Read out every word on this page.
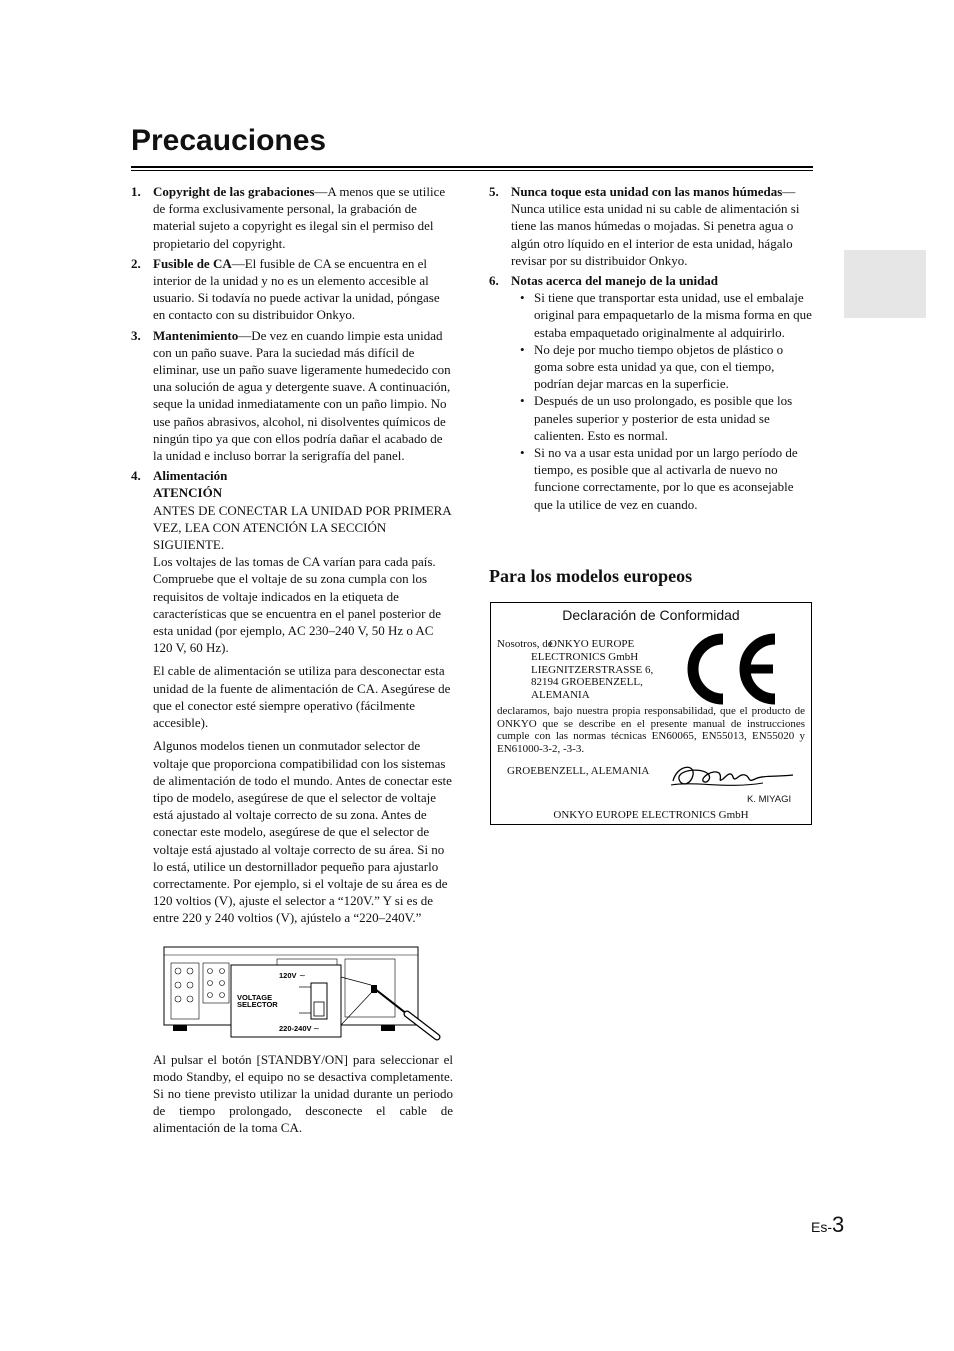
Precauciones
1. Copyright de las grabaciones—A menos que se utilice de forma exclusivamente personal, la grabación de material sujeto a copyright es ilegal sin el permiso del propietario del copyright.
2. Fusible de CA—El fusible de CA se encuentra en el interior de la unidad y no es un elemento accesible al usuario. Si todavía no puede activar la unidad, póngase en contacto con su distribuidor Onkyo.
3. Mantenimiento—De vez en cuando limpie esta unidad con un paño suave. Para la suciedad más difícil de eliminar, use un paño suave ligeramente humedecido con una solución de agua y detergente suave. A continuación, seque la unidad inmediatamente con un paño limpio. No use paños abrasivos, alcohol, ni disolventes químicos de ningún tipo ya que con ellos podría dañar el acabado de la unidad e incluso borrar la serigrafía del panel.
4. Alimentación
ATENCIÓN
ANTES DE CONECTAR LA UNIDAD POR PRIMERA VEZ, LEA CON ATENCIÓN LA SECCIÓN SIGUIENTE.
Los voltajes de las tomas de CA varían para cada país. Compruebe que el voltaje de su zona cumpla con los requisitos de voltaje indicados en la etiqueta de características que se encuentra en el panel posterior de esta unidad (por ejemplo, AC 230–240 V, 50 Hz o AC 120 V, 60 Hz).
El cable de alimentación se utiliza para desconectar esta unidad de la fuente de alimentación de CA. Asegúrese de que el conector esté siempre operativo (fácilmente accesible).
Algunos modelos tienen un conmutador selector de voltaje que proporciona compatibilidad con los sistemas de alimentación de todo el mundo. Antes de conectar este tipo de modelo, asegúrese de que el selector de voltaje está ajustado al voltaje correcto de su zona. Antes de conectar este modelo, asegúrese de que el selector de voltaje está ajustado al voltaje correcto de su área. Si no lo está, utilice un destornillador pequeño para ajustarlo correctamente. Por ejemplo, si el voltaje de su área es de 120 voltios (V), ajuste el selector a “120V.” Y si es de entre 220 y 240 voltios (V), ajústelo a “220–240V.”
120V ~
VOLTAGE
SELECTOR
220-240V ~
Al pulsar el botón [STANDBY/ON] para seleccionar el modo Standby, el equipo no se desactiva completamente. Si no tiene previsto utilizar la unidad durante un periodo de tiempo prolongado, desconecte el cable de alimentación de la toma CA.
5. Nunca toque esta unidad con las manos húmedas—Nunca utilice esta unidad ni su cable de alimentación si tiene las manos húmedas o mojadas. Si penetra agua o algún otro líquido en el interior de esta unidad, hágalo revisar por su distribuidor Onkyo.
6. Notas acerca del manejo de la unidad
• Si tiene que transportar esta unidad, use el embalaje original para empaquetarlo de la misma forma en que estaba empaquetado originalmente al adquirirlo.
• No deje por mucho tiempo objetos de plástico o goma sobre esta unidad ya que, con el tiempo, podrían dejar marcas en la superficie.
• Después de un uso prolongado, es posible que los paneles superior y posterior de esta unidad se calienten. Esto es normal.
• Si no va a usar esta unidad por un largo período de tiempo, es posible que al activarla de nuevo no funcione correctamente, por lo que es aconsejable que la utilice de vez en cuando.
Para los modelos europeos
Declaración de Conformidad
Nosotros, de
ONKYO EUROPE
ELECTRONICS GmbH
LIEGNITZERSTRASSE 6,
82194 GROEBENZELL,
ALEMANIA
declaramos, bajo nuestra propia responsabilidad, que el producto de ONKYO que se describe en el presente manual de instrucciones cumple con las normas técnicas EN60065, EN55013, EN55020 y EN61000-3-2, -3-3.
GROEBENZELL, ALEMANIA
K. MIYAGI
ONKYO EUROPE ELECTRONICS GmbH
Es-3
